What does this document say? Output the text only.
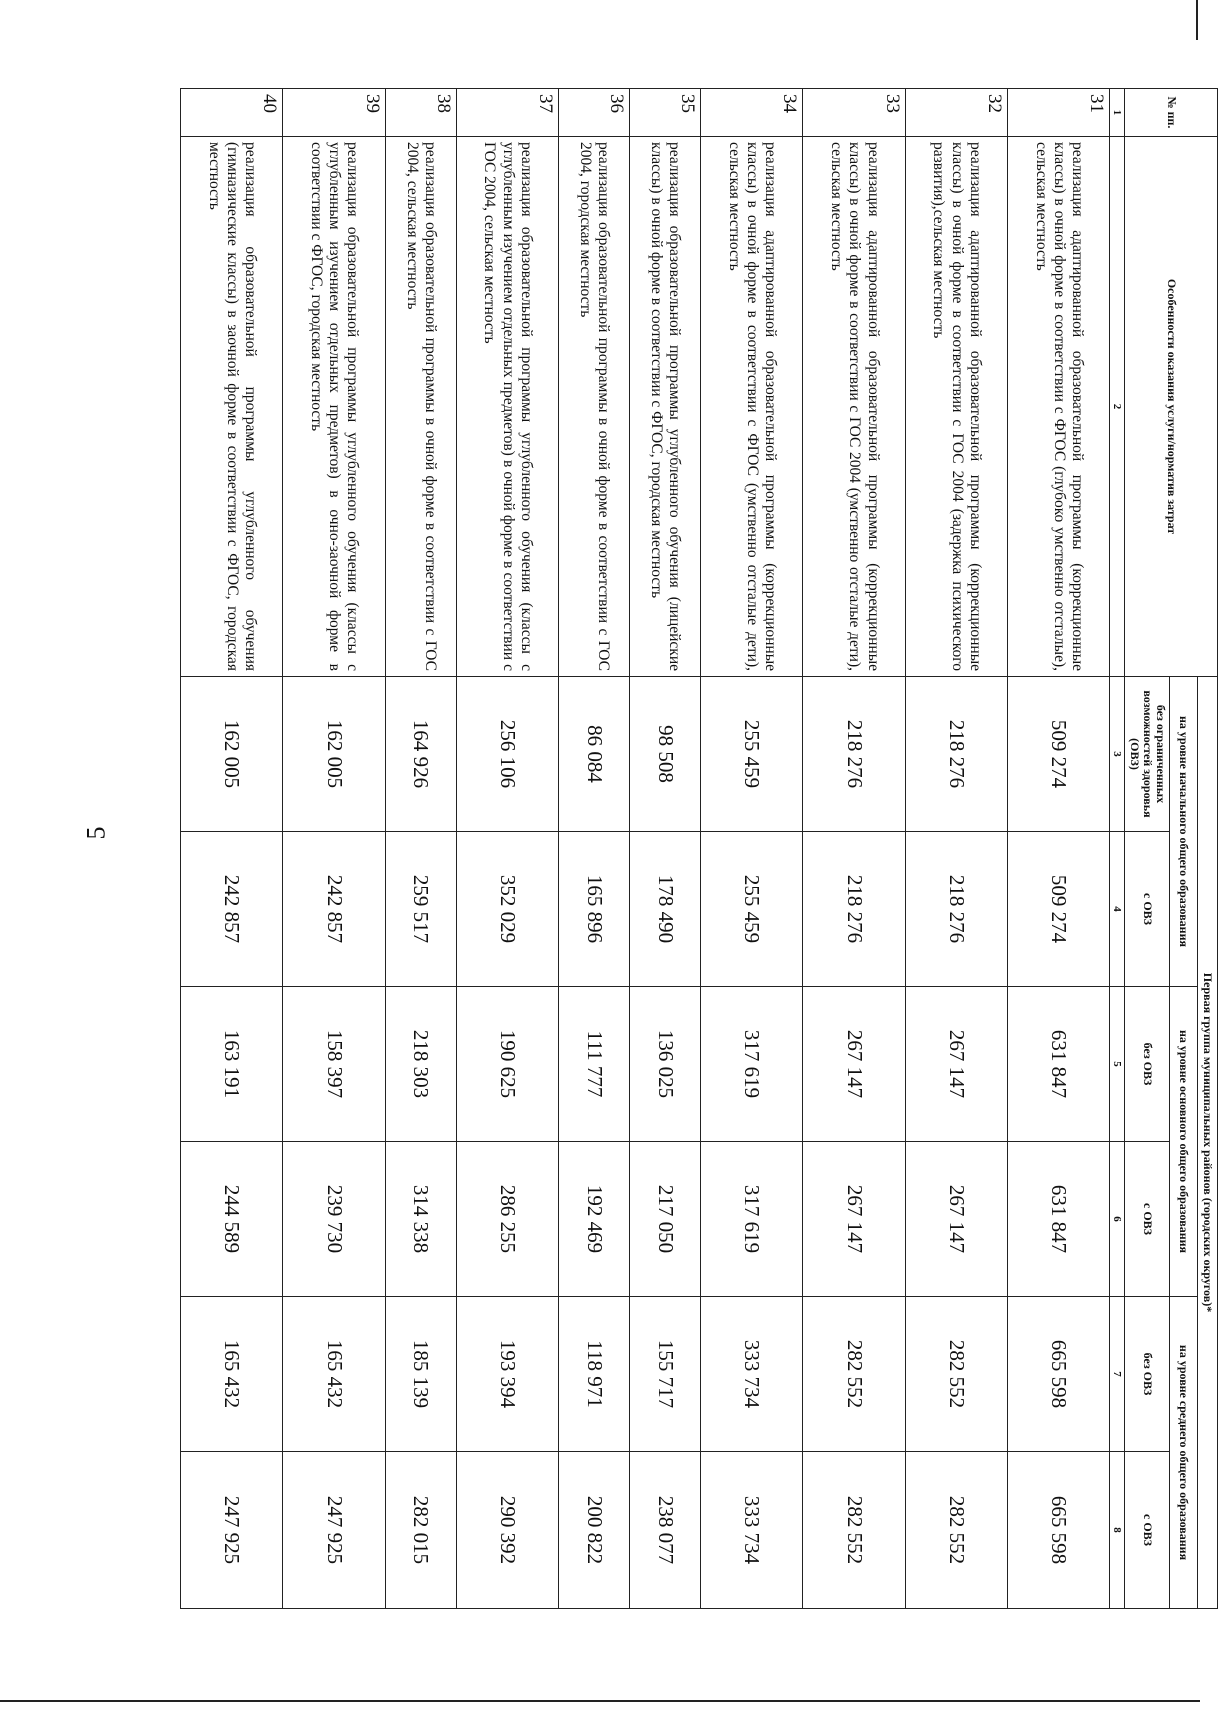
5
№ пп.	Особенности оказания услуги/норматив затрат	Первая группа муниципальных районов (городских округов)*					
		на уровне начального общего образования		на уровне основного общего образования		на уровне среднего общего образования	
		без ограниченных возможностей здоровья (ОВЗ)	с ОВЗ	без ОВЗ	с ОВЗ	без ОВЗ	с ОВЗ
1	2	3	4	5	6	7	8
31	реализация адаптированной образовательной программы (коррекционные классы) в очной форме в соответствии с ФГОС (глубоко умственно отсталые), сельская местность	509 274	509 274	631 847	631 847	665 598	665 598
32	реализация адаптированной образовательной программы (коррекционные классы) в очной форме в соответствии с ГОС 2004 (задержка психического развития),сельская местность	218 276	218 276	267 147	267 147	282 552	282 552
33	реализация адаптированной образовательной программы (коррекционные классы) в очной форме в соответствии с ГОС 2004 (умственно отсталые дети), сельская местность	218 276	218 276	267 147	267 147	282 552	282 552
34	реализация адаптированной образовательной программы (коррекционные классы) в очной форме в соответствии с ФГОС (умственно отсталые дети), сельская местность	255 459	255 459	317 619	317 619	333 734	333 734
35	реализация образовательной программы углубленного обучения (лицейские классы) в очной форме в соответствии с ФГОС, городская местность	98 508	178 490	136 025	217 050	155 717	238 077
36	реализация образовательной программы в очной форме в соответствии с ГОС 2004, городская местность	86 084	165 896	111 777	192 469	118 971	200 822
37	реализация образовательной программы углубленного обучения (классы с углубленным изучением отдельных предметов) в очной форме в соответствии с ГОС 2004, сельская местность	256 106	352 029	190 625	286 255	193 394	290 392
38	реализация образовательной программы в очной форме в соответствии с ГОС 2004, сельская местность	164 926	259 517	218 303	314 338	185 139	282 015
39	реализация образовательной программы углубленного обучения (классы с углубленным изучением отдельных предметов) в очно-заочной форме в соответствии с ФГОС, городская местность	162 005	242 857	158 397	239 730	165 432	247 925
40	реализация образовательной программы углубленного обучения (гимназические классы) в заочной форме в соответствии с ФГОС, городская местность	162 005	242 857	163 191	244 589	165 432	247 925
